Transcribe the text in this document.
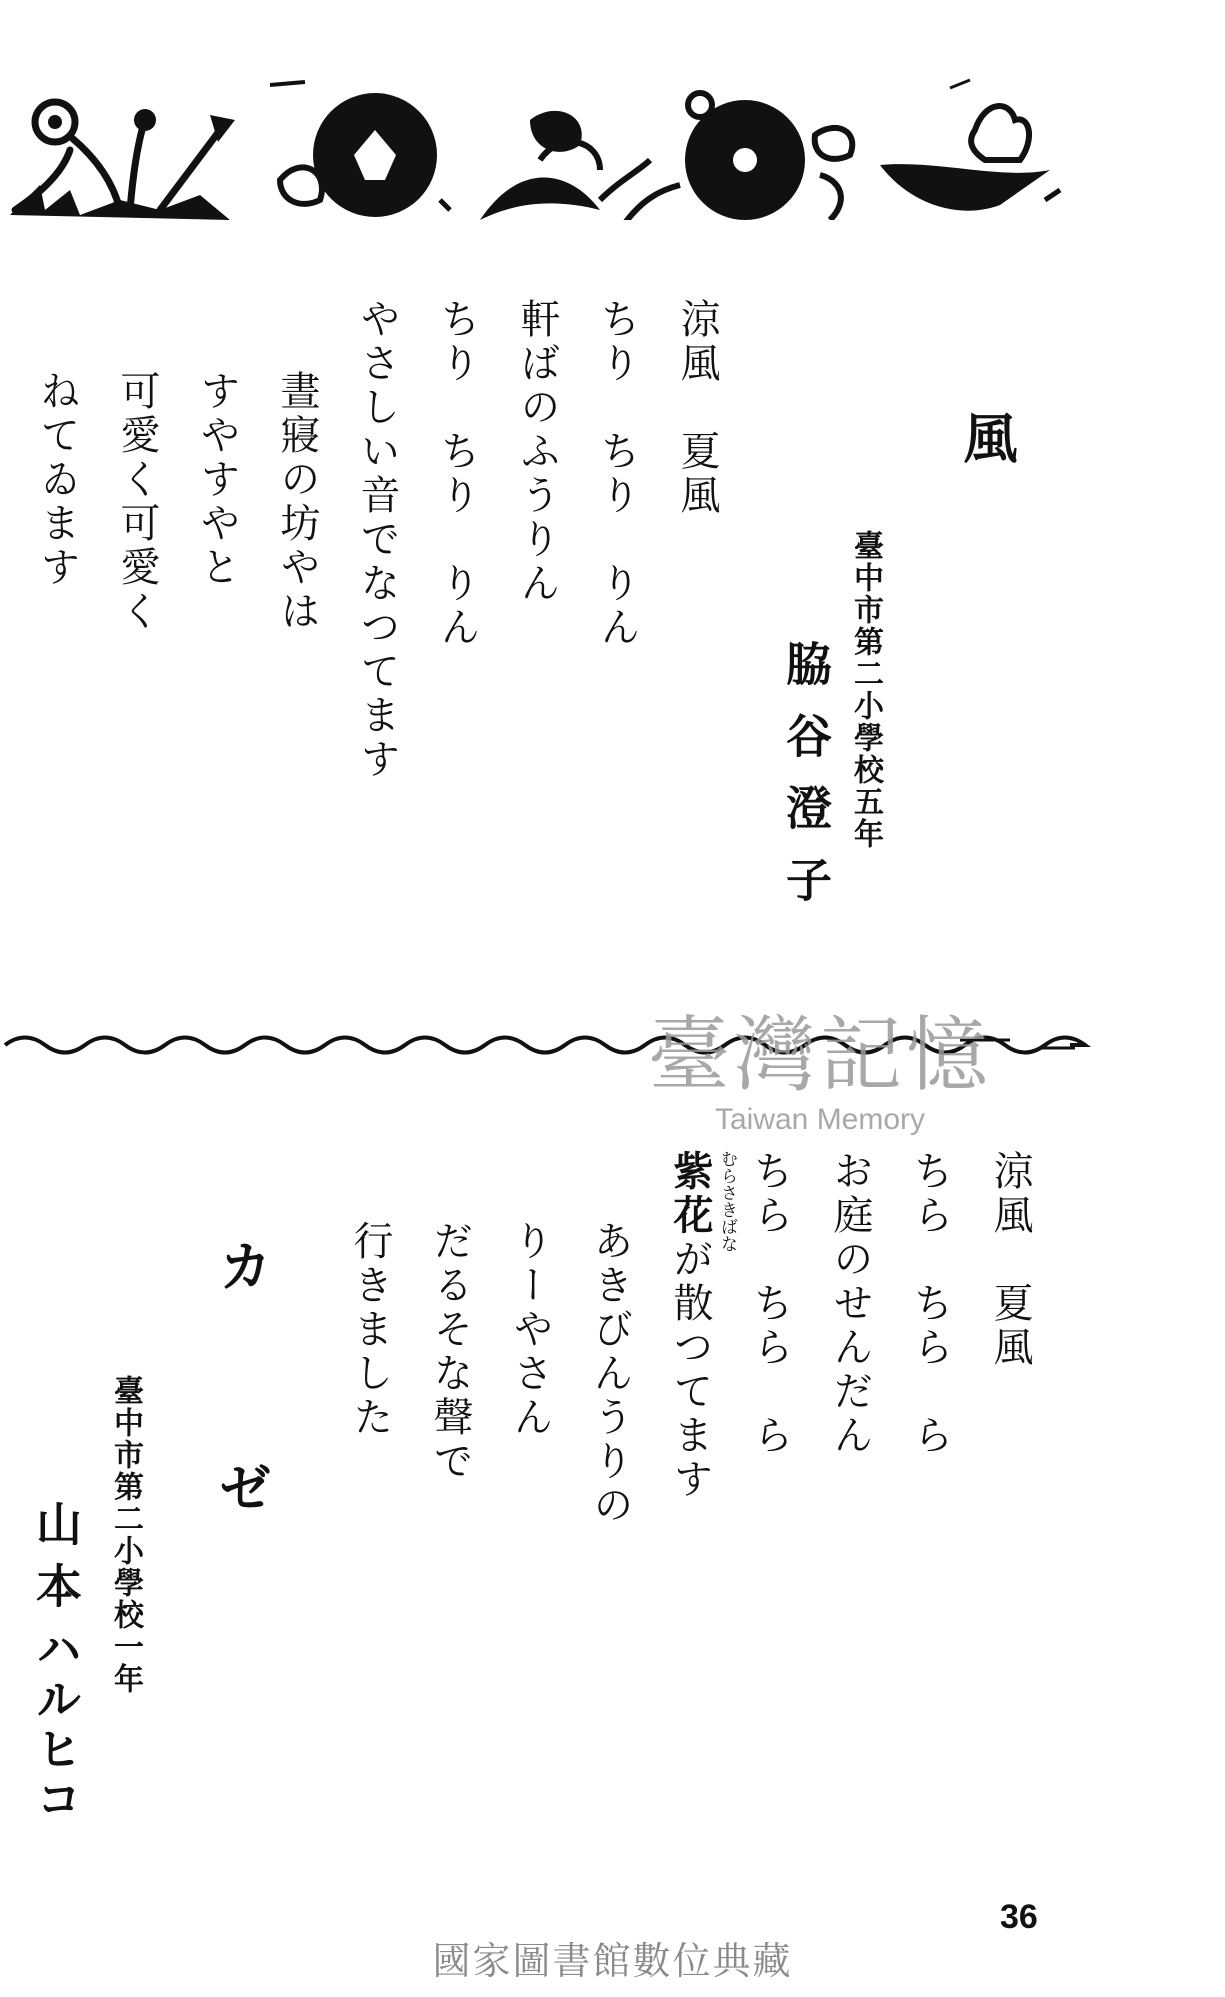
風
臺中市第二小學校五年
脇谷澄子
涼風　夏風
ちり　ちり　りん
軒ばのふうりん
ちり　ちり　りん
やさしい音でなつてます
晝寢の坊やは
すやすやと
可愛く可愛く
ねてゐます
臺灣記憶
Taiwan Memory
涼風　夏風
ちら　ちら　ら
お庭のせんだん
ちら　ちら　ら
紫花が散つてます
むらさきばな
あきびんうりの
りーやさん
だるそな聲で
行きました
カ
ゼ
臺中市第二小學校一年
山本
ハルヒコ
36
國家圖書館數位典藏
